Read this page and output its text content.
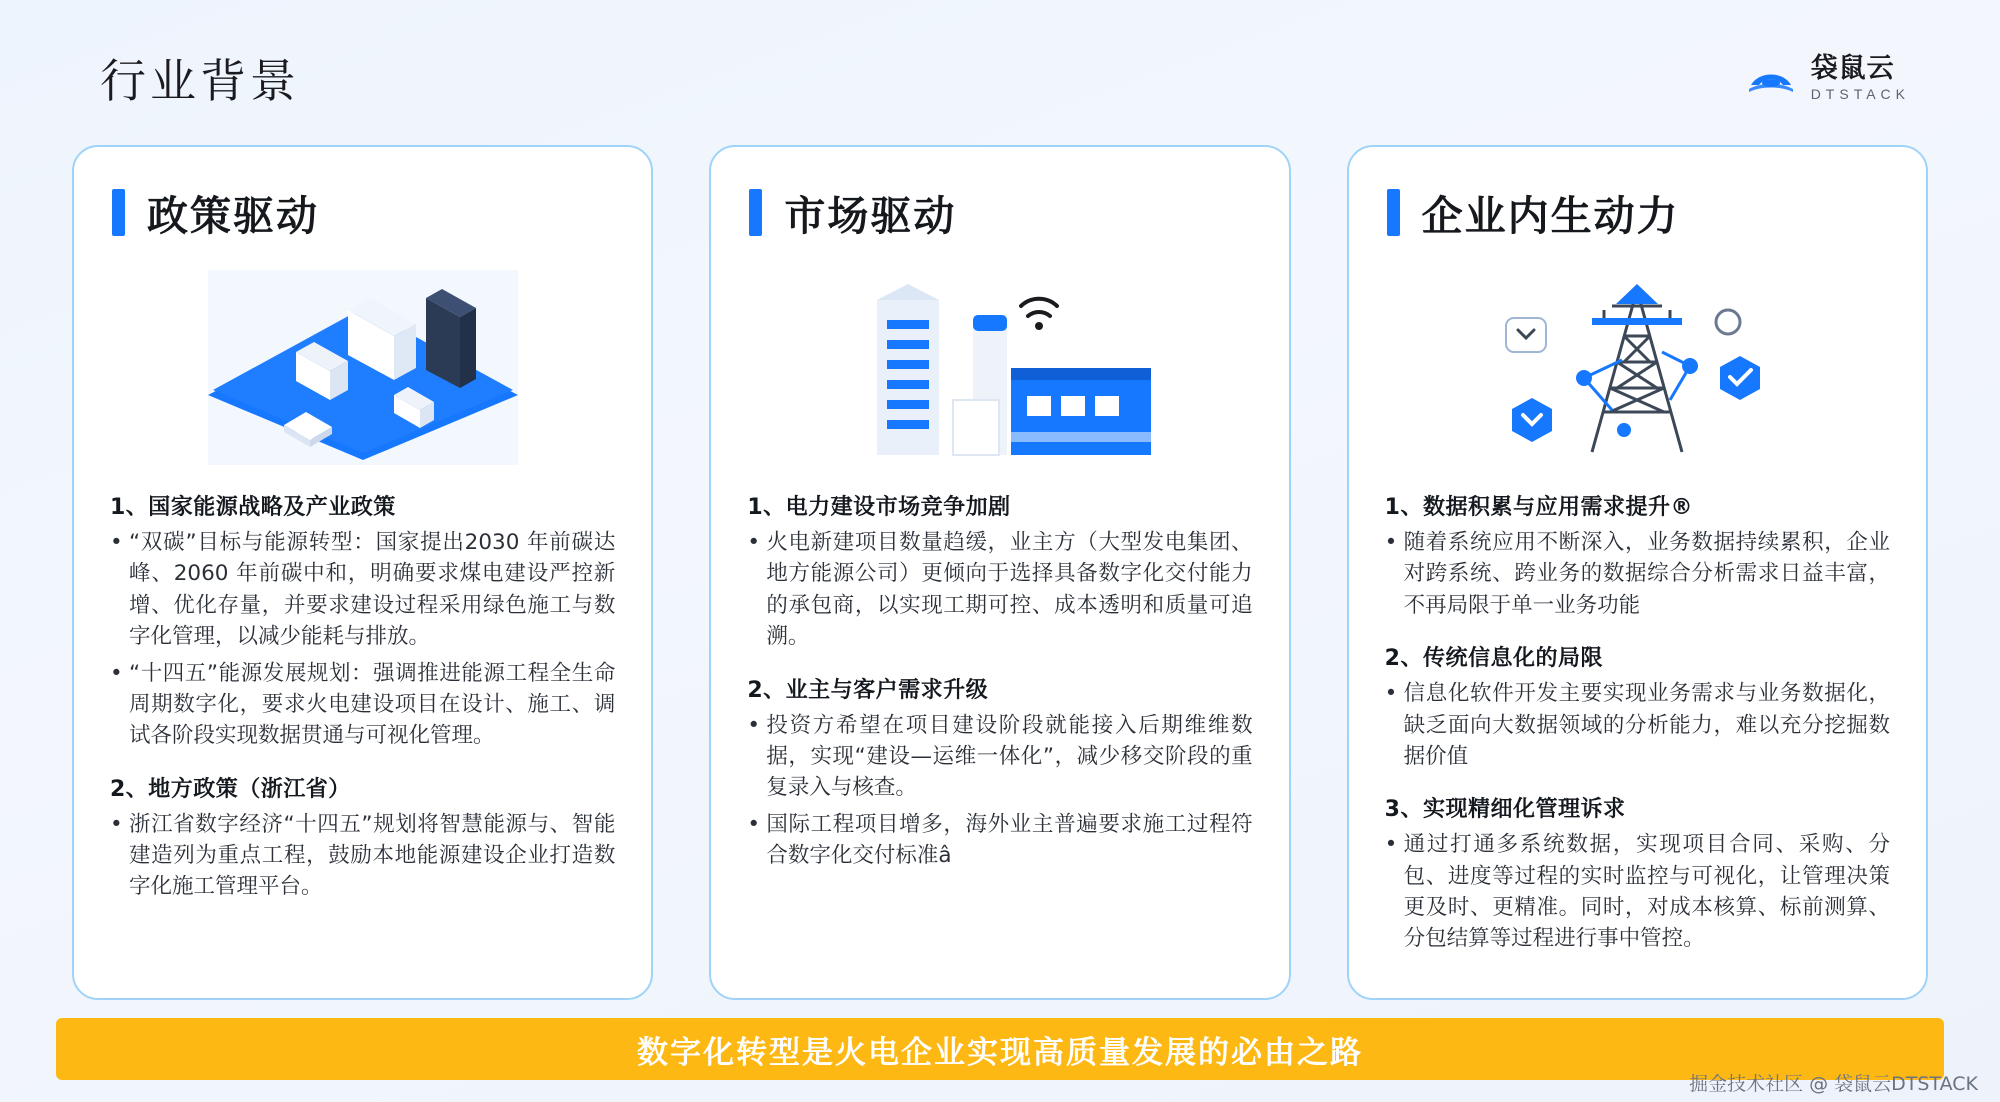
行业背景	袋鼠云
DTSTACK
政策驱动
1、国家能源战略及产业政策
• “双碳”目标与能源转型：国家提出2030 年前碳达峰、2060 年前碳中和，明确要求煤电建设严控新增、优化存量，并要求建设过程采用绿色施工与数字化管理，以减少能耗与排放。
• “十四五”能源发展规划：强调推进能源工程全生命周期数字化，要求火电建设项目在设计、施工、调试各阶段实现数据贯通与可视化管理。
2、地方政策（浙江省）
• 浙江省数字经济“十四五”规划将智慧能源与、智能建造列为重点工程，鼓励本地能源建设企业打造数字化施工管理平台。
市场驱动
1、电力建设市场竞争加剧
• 火电新建项目数量趋缓，业主方（大型发电集团、地方能源公司）更倾向于选择具备数字化交付能力的承包商，以实现工期可控、成本透明和质量可追溯。
2、业主与客户需求升级
• 投资方希望在项目建设阶段就能接入后期维维数据，实现“建设—运维一体化”，减少移交阶段的重复录入与核查。
• 国际工程项目增多，海外业主普遍要求施工过程符合数字化交付标准â
企业内生动力
1、数据积累与应用需求提升®
• 随着系统应用不断深入，业务数据持续累积，企业对跨系统、跨业务的数据综合分析需求日益丰富，不再局限于单一业务功能
2、传统信息化的局限
• 信息化软件开发主要实现业务需求与业务数据化，缺乏面向大数据领域的分析能力，难以充分挖掘数据价值
3、实现精细化管理诉求
• 通过打通多系统数据，实现项目合同、采购、分包、进度等过程的实时监控与可视化，让管理决策更及时、更精准。同时，对成本核算、标前测算、分包结算等过程进行事中管控。
数字化转型是火电企业实现高质量发展的必由之路
掘金技术社区 @ 袋鼠云DTSTACK
